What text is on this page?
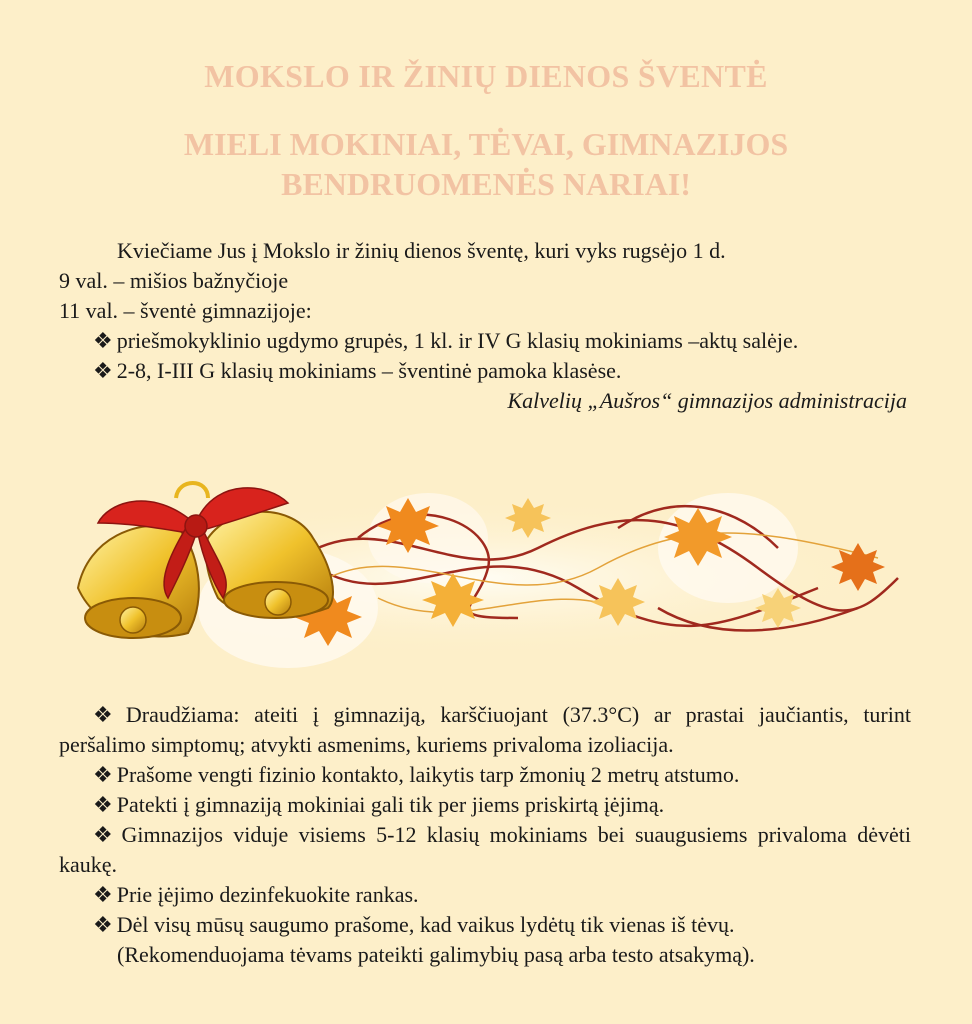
MOKSLO IR ŽINIŲ DIENOS ŠVENTĖ
MIELI MOKINIAI, TĖVAI, GIMNAZIJOS
BENDRUOMENĖS NARIAI!
Kviečiame Jus į Mokslo ir žinių dienos šventę, kuri vyks rugsėjo 1 d.
9 val. – mišios bažnyčioje
11 val. – šventė gimnazijoje:
❖ priešmokyklinio ugdymo grupės, 1 kl. ir IV G klasių mokiniams –aktų salėje.
❖ 2-8, I-III G klasių mokiniams – šventinė pamoka klasėse.
Kalvelių „Aušros“ gimnazijos administracija
❖ Draudžiama: ateiti į gimnaziją, karščiuojant (37.3°C) ar prastai jaučiantis, turint peršalimo simptomų; atvykti asmenims, kuriems privaloma izoliacija.
❖ Prašome vengti fizinio kontakto, laikytis tarp žmonių 2 metrų atstumo.
❖ Patekti į gimnaziją mokiniai gali tik per jiems priskirtą įėjimą.
❖ Gimnazijos viduje visiems 5-12 klasių mokiniams bei suaugusiems privaloma dėvėti kaukę.
❖ Prie įėjimo dezinfekuokite rankas.
❖ Dėl visų mūsų saugumo prašome, kad vaikus lydėtų tik vienas iš tėvų.
(Rekomenduojama tėvams pateikti galimybių pasą arba testo atsakymą).
